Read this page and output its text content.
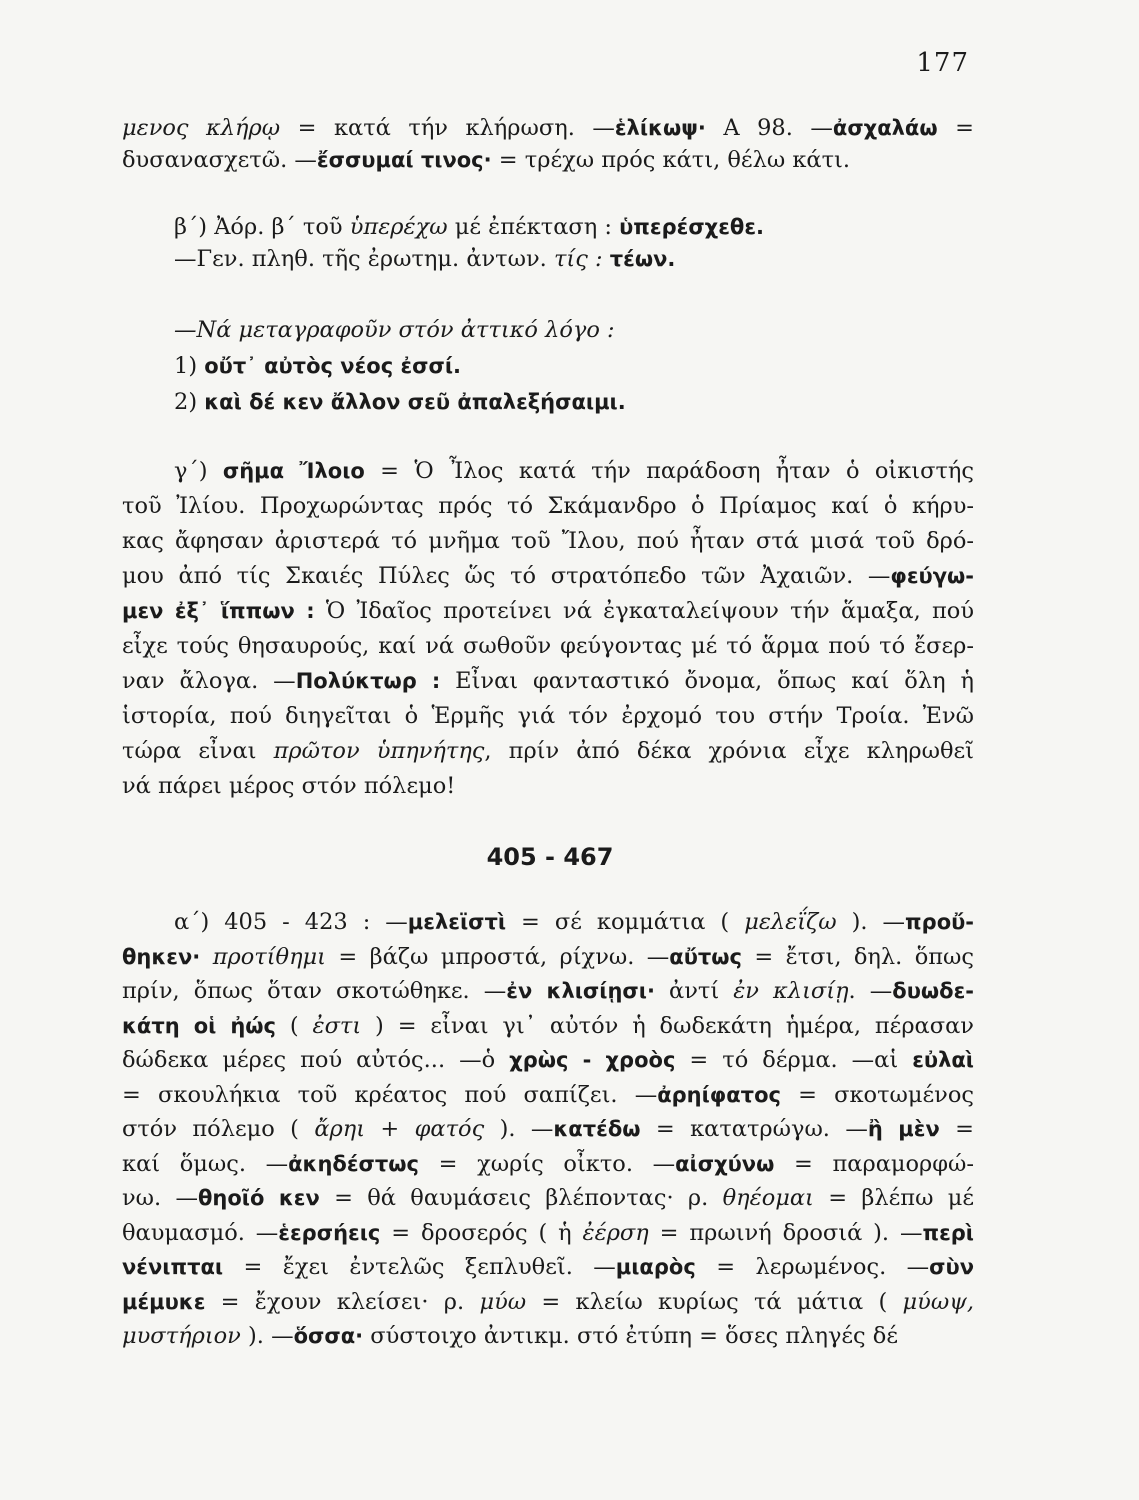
177
μενος κλήρῳ = κατά τήν κλήρωση. —ἑλίκωψ· Α 98. —ἀσχαλάω =
δυσανασχετῶ. —ἔσσυμαί τινος· = τρέχω πρός κάτι, θέλω κάτι.
β΄) Ἀόρ. β΄ τοῦ ὑπερέχω μέ ἐπέκταση : ὑπερέσχεθε.
—Γεν. πληθ. τῆς ἐρωτημ. ἀντων. τίς : τέων.
—Νά μεταγραφοῦν στόν ἀττικό λόγο :
1) οὔτ᾽ αὐτὸς νέος ἐσσί.
2) καὶ δέ κεν ἄλλον σεῦ ἀπαλεξήσαιμι.
γ΄) σῆμα Ἴλοιο = Ὁ Ἶλος κατά τήν παράδοση ἦταν ὁ οἰκιστής
τοῦ Ἰλίου. Προχωρώντας πρός τό Σκάμανδρο ὁ Πρίαμος καί ὁ κήρυ-
κας ἄφησαν ἀριστερά τό μνῆμα τοῦ Ἴλου, πού ἦταν στά μισά τοῦ δρό-
μου ἀπό τίς Σκαιές Πύλες ὥς τό στρατόπεδο τῶν Ἀχαιῶν. —φεύγω-
μεν ἐξ᾽ ἵππων : Ὁ Ἰδαῖος προτείνει νά ἐγκαταλείψουν τήν ἅμαξα, πού
εἶχε τούς θησαυρούς, καί νά σωθοῦν φεύγοντας μέ τό ἅρμα πού τό ἔσερ-
ναν ἄλογα. —Πολύκτωρ : Εἶναι φανταστικό ὄνομα, ὅπως καί ὅλη ἡ
ἱστορία, πού διηγεῖται ὁ Ἑρμῆς γιά τόν ἐρχομό του στήν Τροία. Ἐνῶ
τώρα εἶναι πρῶτον ὑπηνήτης, πρίν ἀπό δέκα χρόνια εἶχε κληρωθεῖ
νά πάρει μέρος στόν πόλεμο!
405 - 467
α΄) 405 - 423 : —μελεϊστὶ = σέ κομμάτια ( μελεΐζω ). —προὔ-
θηκεν· προτίθημι = βάζω μπροστά, ρίχνω. —αὔτως = ἔτσι, δηλ. ὅπως
πρίν, ὅπως ὅταν σκοτώθηκε. —ἐν κλισίῃσι· ἀντί ἐν κλισίῃ. —δυωδε-
κάτη οἱ ἠώς ( ἐστι ) = εἶναι γι᾽ αὐτόν ἡ δωδεκάτη ἡμέρα, πέρασαν
δώδεκα μέρες πού αὐτός... —ὁ χρὼς - χροὸς = τό δέρμα. —αἱ εὐλαὶ
= σκουλήκια τοῦ κρέατος πού σαπίζει. —ἀρηίφατος = σκοτωμένος
στόν πόλεμο ( ἄρηι + φατός ). —κατέδω = κατατρώγω. —ἢ μὲν =
καί ὅμως. —ἀκηδέστως = χωρίς οἶκτο. —αἰσχύνω = παραμορφώ-
νω. —θηοῖό κεν = θά θαυμάσεις βλέποντας· ρ. θηέομαι = βλέπω μέ
θαυμασμό. —ἑερσήεις = δροσερός ( ἡ ἐέρση = πρωινή δροσιά ). —περὶ
νένιπται = ἔχει ἐντελῶς ξεπλυθεῖ. —μιαρὸς = λερωμένος. —σὺν
μέμυκε = ἔχουν κλείσει· ρ. μύω = κλείω κυρίως τά μάτια ( μύωψ,
μυστήριον ). —ὅσσα· σύστοιχο ἀντικμ. στό ἐτύπη = ὅσες πληγές δέ
